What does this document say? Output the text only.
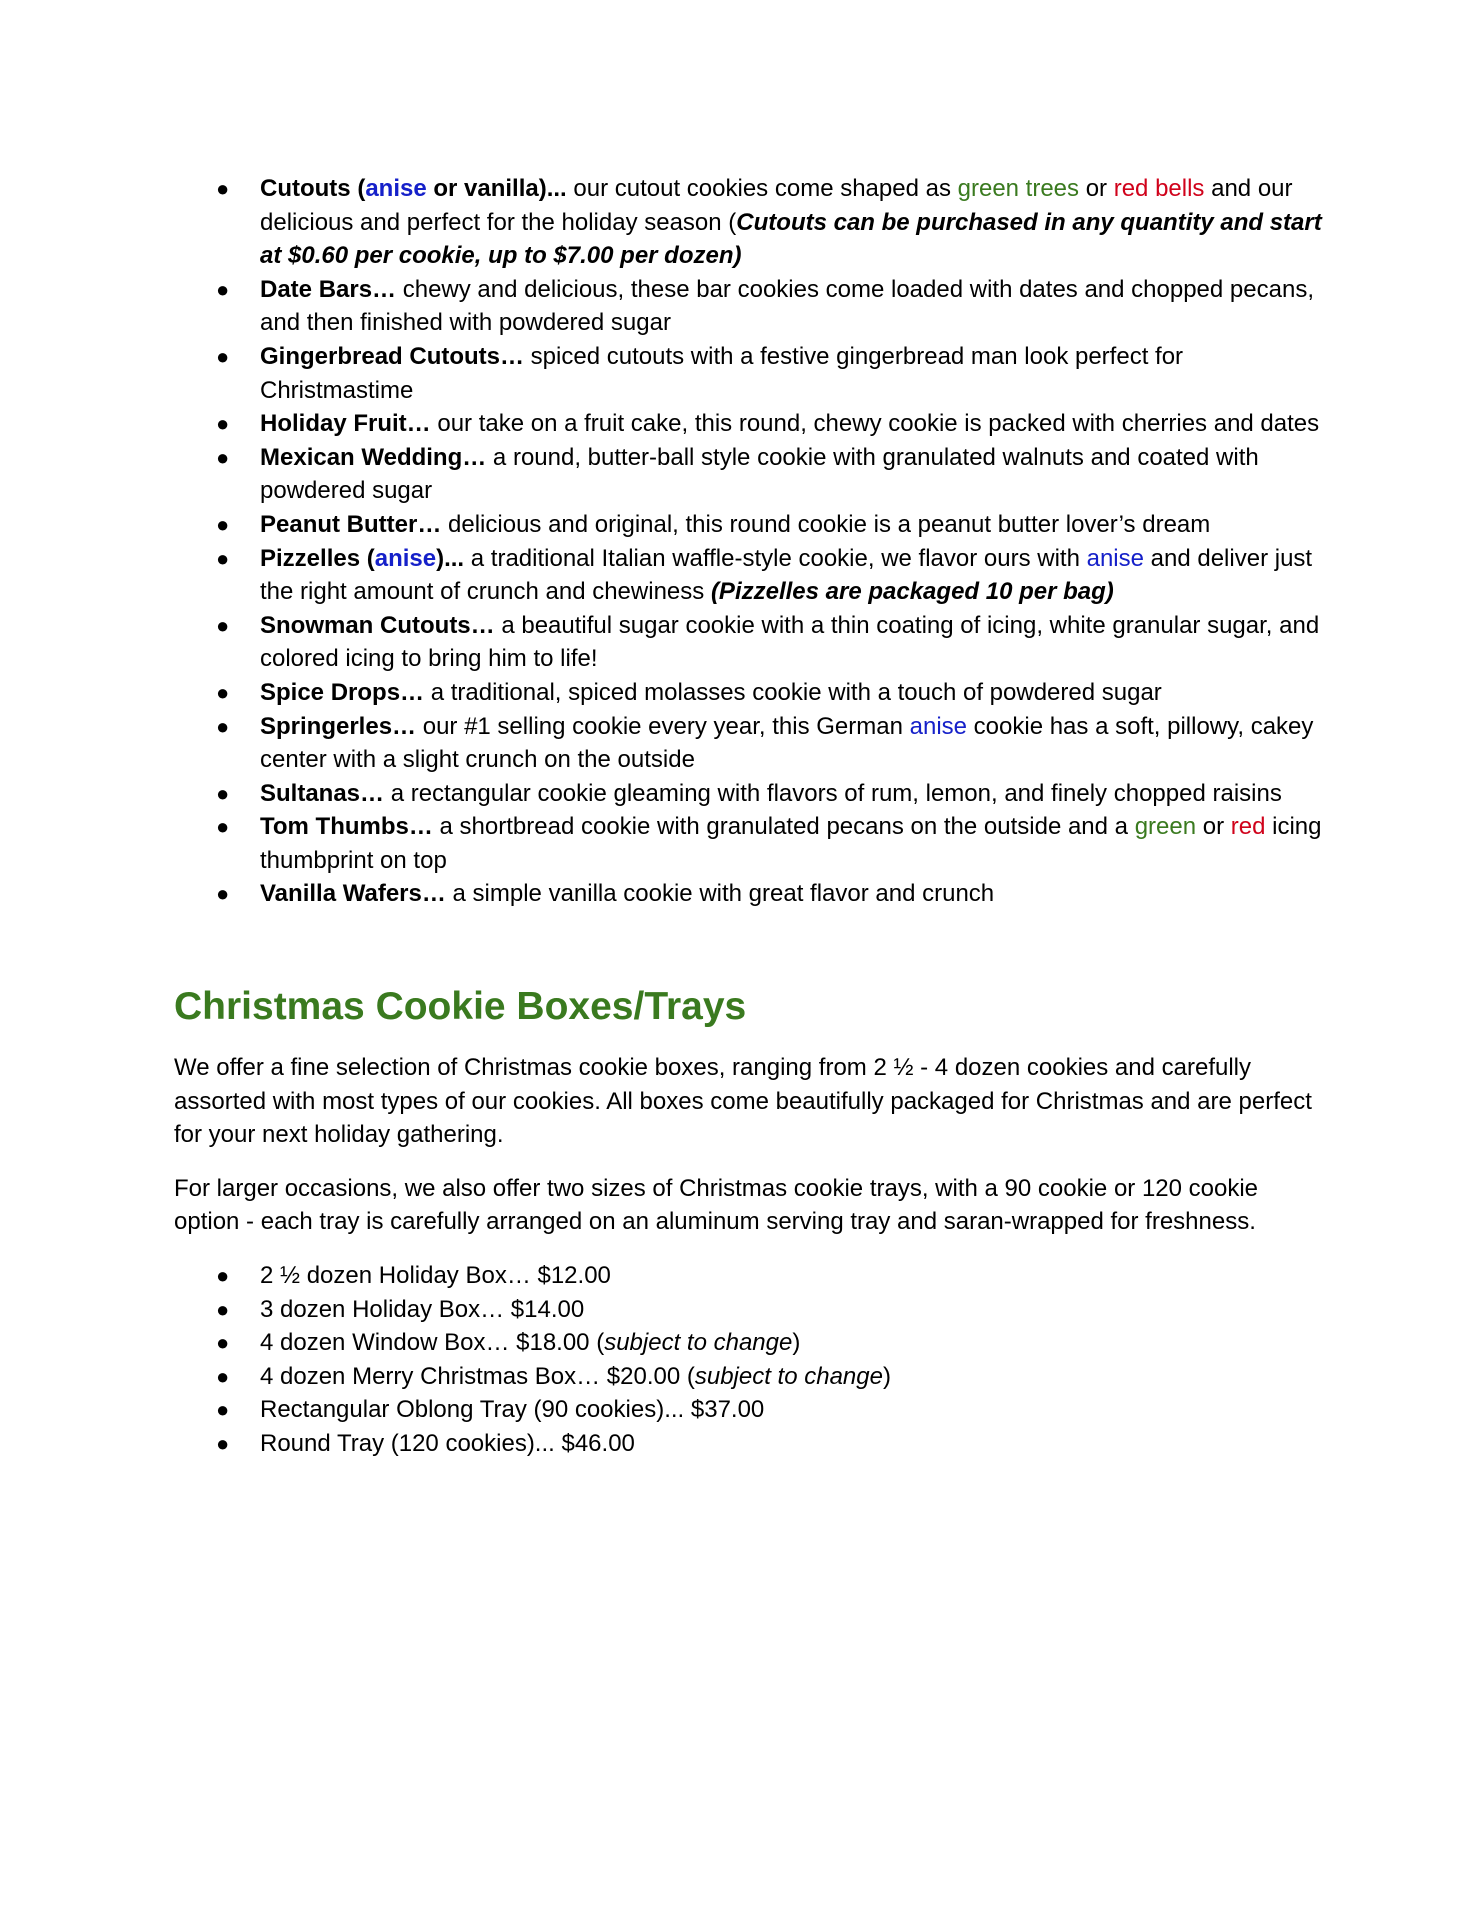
● Cutouts (anise or vanilla)... our cutout cookies come shaped as green trees or red bells and our delicious and perfect for the holiday season (Cutouts can be purchased in any quantity and start at $0.60 per cookie, up to $7.00 per dozen)
● Date Bars… chewy and delicious, these bar cookies come loaded with dates and chopped pecans, and then finished with powdered sugar
● Gingerbread Cutouts… spiced cutouts with a festive gingerbread man look perfect for Christmastime
● Holiday Fruit… our take on a fruit cake, this round, chewy cookie is packed with cherries and dates
● Mexican Wedding… a round, butter-ball style cookie with granulated walnuts and coated with powdered sugar
● Peanut Butter… delicious and original, this round cookie is a peanut butter lover’s dream
● Pizzelles (anise)... a traditional Italian waffle-style cookie, we flavor ours with anise and deliver just the right amount of crunch and chewiness (Pizzelles are packaged 10 per bag)
● Snowman Cutouts… a beautiful sugar cookie with a thin coating of icing, white granular sugar, and colored icing to bring him to life!
● Spice Drops… a traditional, spiced molasses cookie with a touch of powdered sugar
● Springerles… our #1 selling cookie every year, this German anise cookie has a soft, pillowy, cakey center with a slight crunch on the outside
● Sultanas… a rectangular cookie gleaming with flavors of rum, lemon, and finely chopped raisins
● Tom Thumbs… a shortbread cookie with granulated pecans on the outside and a green or red icing thumbprint on top
● Vanilla Wafers… a simple vanilla cookie with great flavor and crunch
Christmas Cookie Boxes/Trays

We offer a fine selection of Christmas cookie boxes, ranging from 2 ½ - 4 dozen cookies and carefully assorted with most types of our cookies. All boxes come beautifully packaged for Christmas and are perfect for your next holiday gathering.

For larger occasions, we also offer two sizes of Christmas cookie trays, with a 90 cookie or 120 cookie option - each tray is carefully arranged on an aluminum serving tray and saran-wrapped for freshness.

● 2 ½ dozen Holiday Box… $12.00
● 3 dozen Holiday Box… $14.00
● 4 dozen Window Box… $18.00 (subject to change)
● 4 dozen Merry Christmas Box… $20.00 (subject to change)
● Rectangular Oblong Tray (90 cookies)... $37.00
● Round Tray (120 cookies)... $46.00
